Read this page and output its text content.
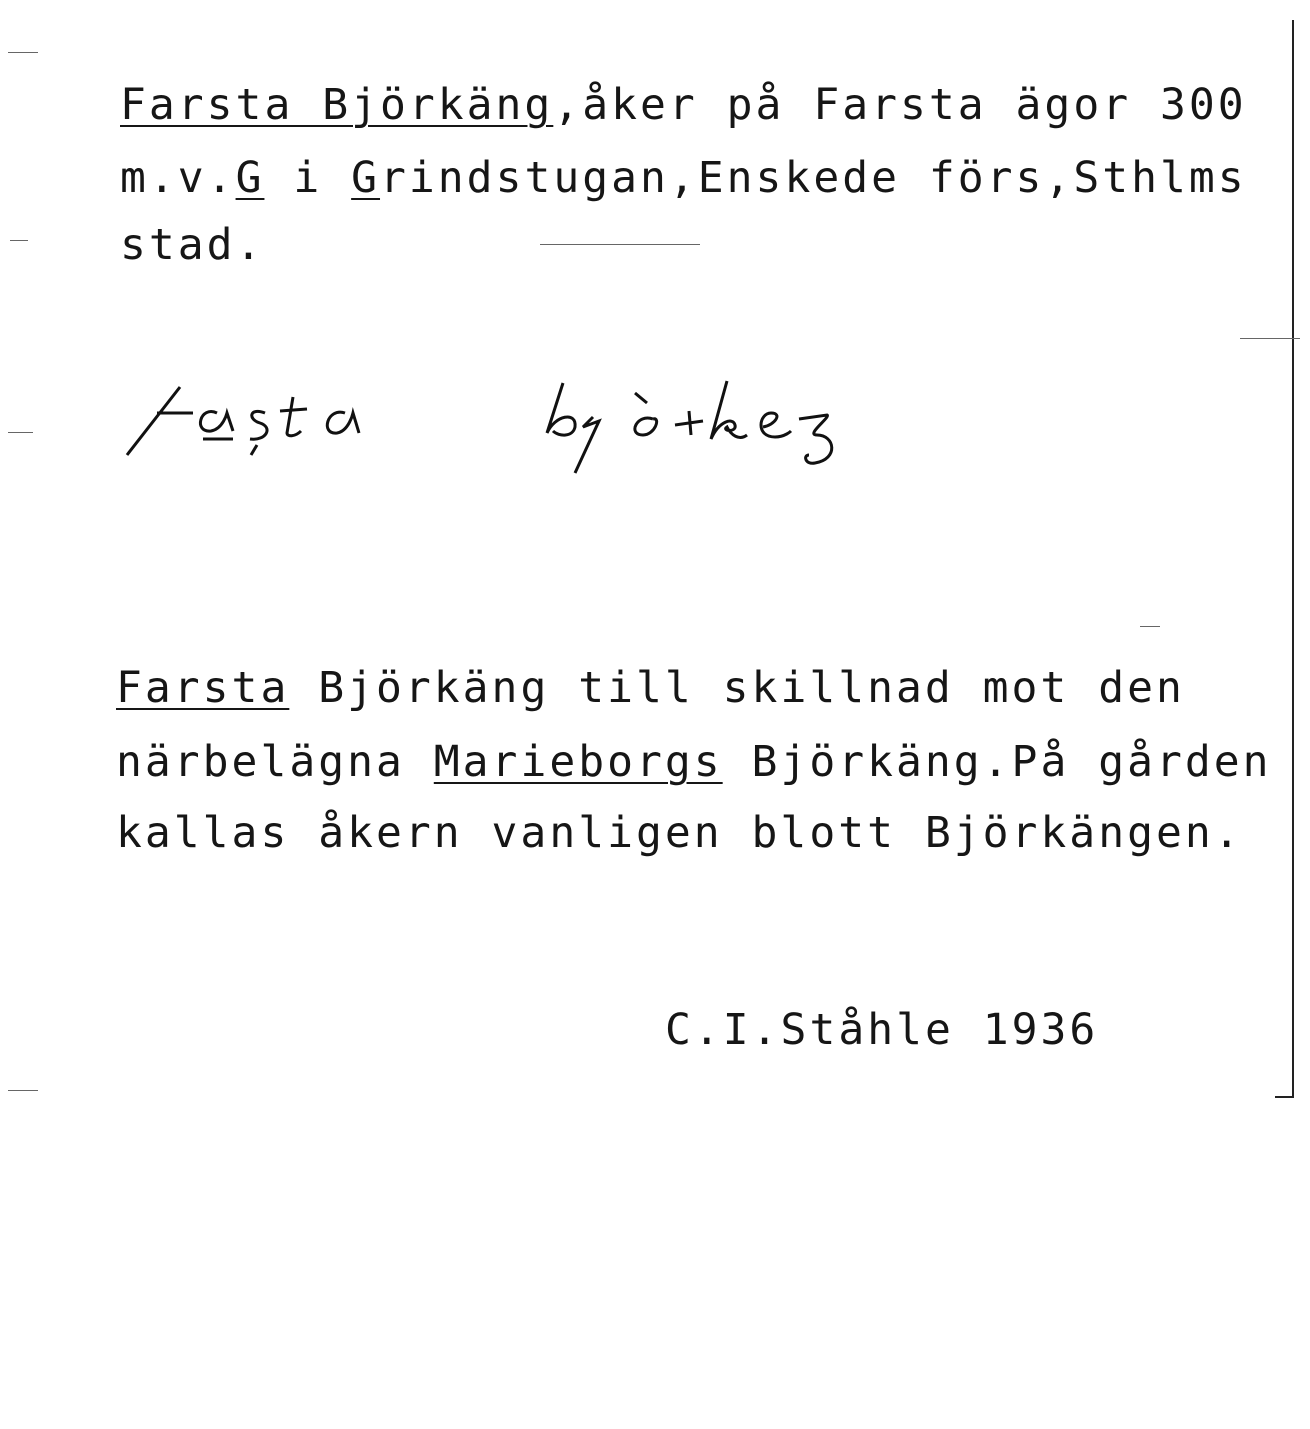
Farsta Björkäng,åker på Farsta ägor 300
m.v.G i Grindstugan,Enskede förs,Sthlms
stad.
Farsta Björkäng till skillnad mot den
närbelägna Marieborgs Björkäng.På gården
kallas åkern vanligen blott Björkängen.
C.I.Ståhle 1936
